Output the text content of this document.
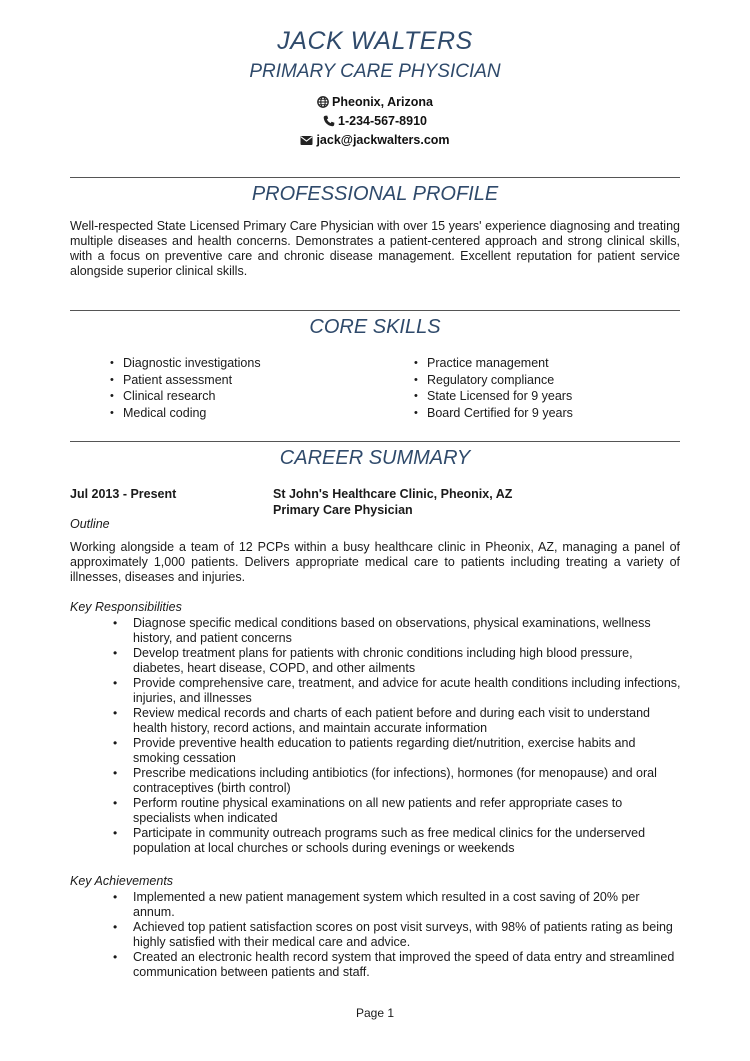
JACK WALTERS
PRIMARY CARE PHYSICIAN
Pheonix, Arizona
1-234-567-8910
jack@jackwalters.com
PROFESSIONAL PROFILE
Well-respected State Licensed Primary Care Physician with over 15 years' experience diagnosing and treating multiple diseases and health concerns. Demonstrates a patient-centered approach and strong clinical skills, with a focus on preventive care and chronic disease management. Excellent reputation for patient service alongside superior clinical skills.
CORE SKILLS
• Diagnostic investigations
• Patient assessment
• Clinical research
• Medical coding
• Practice management
• Regulatory compliance
• State Licensed for 9 years
• Board Certified for 9 years
CAREER SUMMARY
Jul 2013 - Present	St John's Healthcare Clinic, Pheonix, AZ
Primary Care Physician
Outline
Working alongside a team of 12 PCPs within a busy healthcare clinic in Pheonix, AZ, managing a panel of approximately 1,000 patients. Delivers appropriate medical care to patients including treating a variety of illnesses, diseases and injuries.
Key Responsibilities
• Diagnose specific medical conditions based on observations, physical examinations, wellness history, and patient concerns
• Develop treatment plans for patients with chronic conditions including high blood pressure, diabetes, heart disease, COPD, and other ailments
• Provide comprehensive care, treatment, and advice for acute health conditions including infections, injuries, and illnesses
• Review medical records and charts of each patient before and during each visit to understand health history, record actions, and maintain accurate information
• Provide preventive health education to patients regarding diet/nutrition, exercise habits and smoking cessation
• Prescribe medications including antibiotics (for infections), hormones (for menopause) and oral contraceptives (birth control)
• Perform routine physical examinations on all new patients and refer appropriate cases to specialists when indicated
• Participate in community outreach programs such as free medical clinics for the underserved population at local churches or schools during evenings or weekends
Key Achievements
• Implemented a new patient management system which resulted in a cost saving of 20% per annum.
• Achieved top patient satisfaction scores on post visit surveys, with 98% of patients rating as being highly satisfied with their medical care and advice.
• Created an electronic health record system that improved the speed of data entry and streamlined communication between patients and staff.
Page 1
